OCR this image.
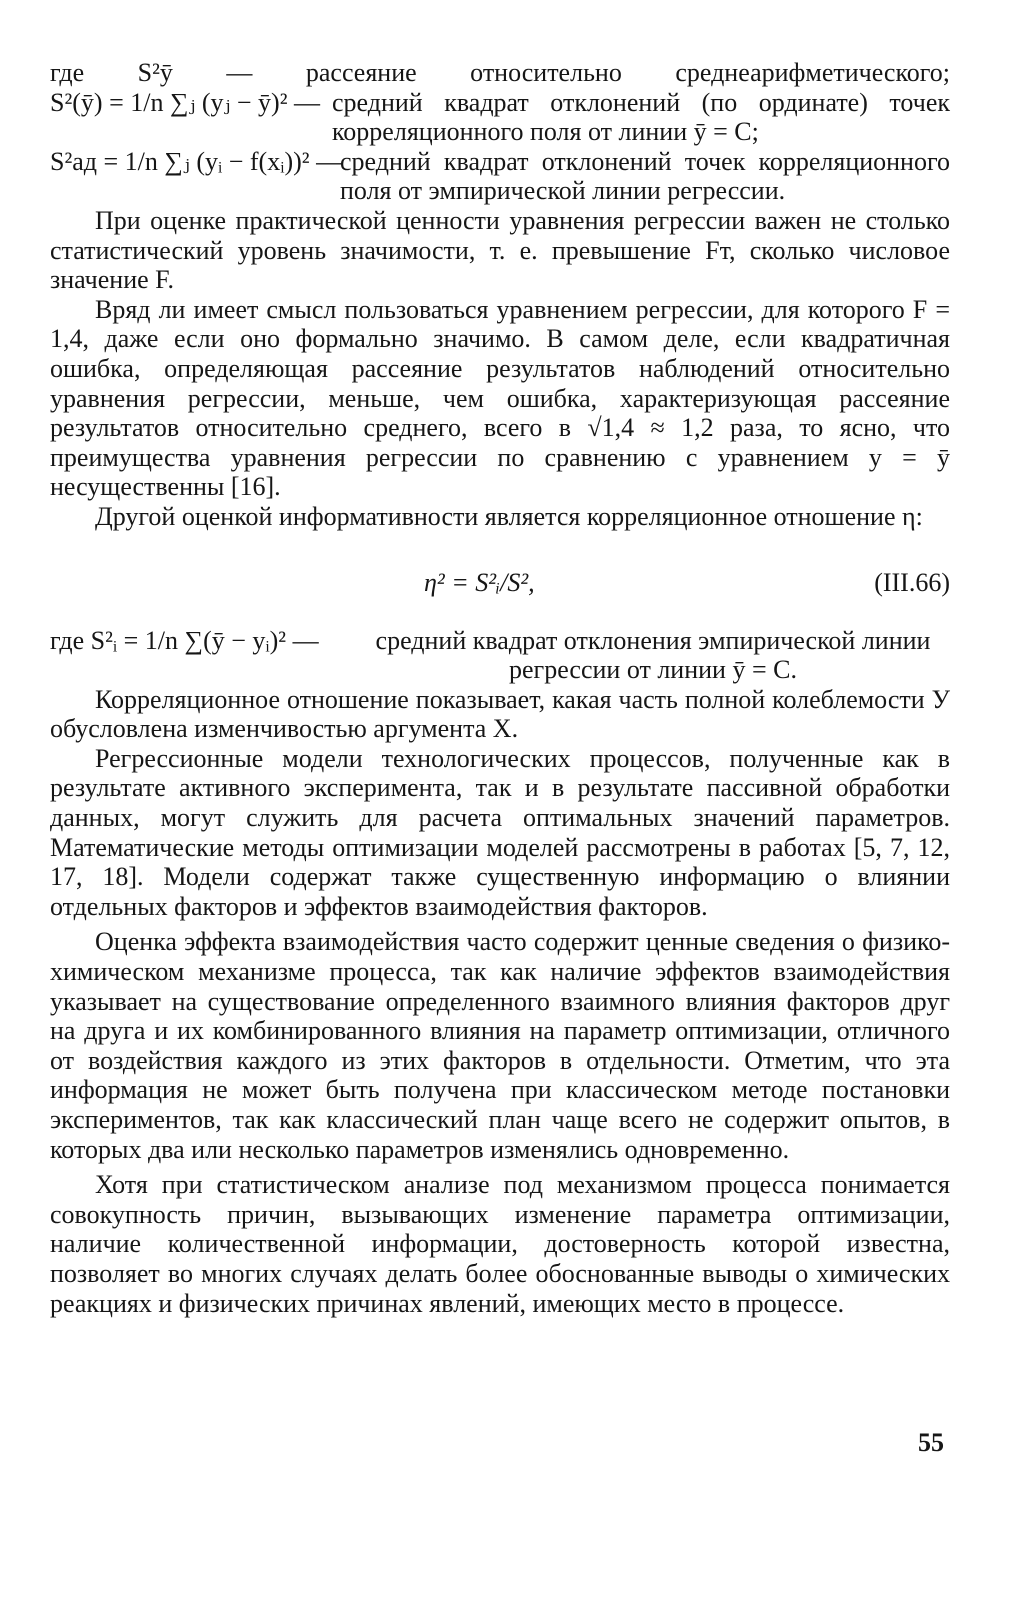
где S²ȳ — рассеяние относительно среднеарифметического;
S²(ȳ) = 1/n ∑ⱼ (yⱼ − ȳ)² — средний квадрат отклонений (по ординате) точек корреляционного поля от линии ȳ = C;
S²ад = 1/n ∑ⱼ (yᵢ − f(xᵢ))² —
средний квадрат отклонений точек корреляционного поля от эмпирической линии регрессии.

При оценке практической ценности уравнения регрессии важен не столько статистический уровень значимости, т. е. превышение Fт, сколько числовое значение F.

Вряд ли имеет смысл пользоваться уравнением регрессии, для которого F = 1,4, даже если оно формально значимо. В самом деле, если квадратичная ошибка, определяющая рассеяние результатов наблюдений относительно уравнения регрессии, меньше, чем ошибка, характеризующая рассеяние результатов относительно среднего, всего в √1,4 ≈ 1,2 раза, то ясно, что преимущества уравнения регрессии по сравнению с уравнением y = ȳ несущественны [16].

Другой оценкой информативности является корреляционное отношение η:

η² = S²ᵢ/S²,	(III.66)
где S²ᵢ = 1/n ∑(ȳ − yᵢ)² —	средний квадрат отклонения эмпирической линии регрессии от линии ȳ = C.

Корреляционное отношение показывает, какая часть полной колеблемости У обусловлена изменчивостью аргумента X.

Регрессионные модели технологических процессов, полученные как в результате активного эксперимента, так и в результате пассивной обработки данных, могут служить для расчета оптимальных значений параметров. Математические методы оптимизации моделей рассмотрены в работах [5, 7, 12, 17, 18]. Модели содержат также существенную информацию о влиянии отдельных факторов и эффектов взаимодействия факторов.

Оценка эффекта взаимодействия часто содержит ценные сведения о физико-химическом механизме процесса, так как наличие эффектов взаимодействия указывает на существование определенного взаимного влияния факторов друг на друга и их комбинированного влияния на параметр оптимизации, отличного от воздействия каждого из этих факторов в отдельности. Отметим, что эта информация не может быть получена при классическом методе постановки экспериментов, так как классический план чаще всего не содержит опытов, в которых два или несколько параметров изменялись одновременно.

Хотя при статистическом анализе под механизмом процесса понимается совокупность причин, вызывающих изменение параметра оптимизации, наличие количественной информации, достоверность которой известна, позволяет во многих случаях делать более обоснованные выводы о химических реакциях и физических причинах явлений, имеющих место в процессе.

55
